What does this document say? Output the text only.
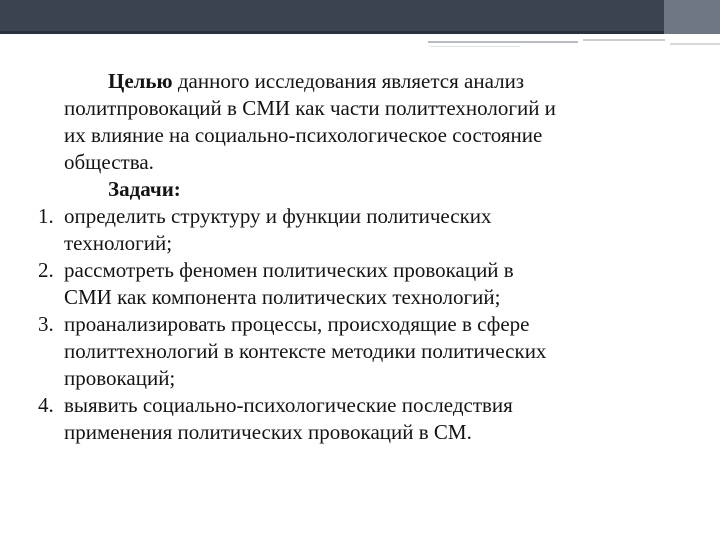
Целью данного исследования является анализ
политпровокаций в СМИ как части политтехнологий и
их влияние на социально-психологическое состояние
общества.

Задачи:

1. определить структуру и функции политических
технологий;
2. рассмотреть феномен политических провокаций в
СМИ как компонента политических технологий;
3. проанализировать процессы, происходящие в сфере
политтехнологий в контексте методики политических
провокаций;
4. выявить социально-психологические последствия
применения политических провокаций в СМ.
